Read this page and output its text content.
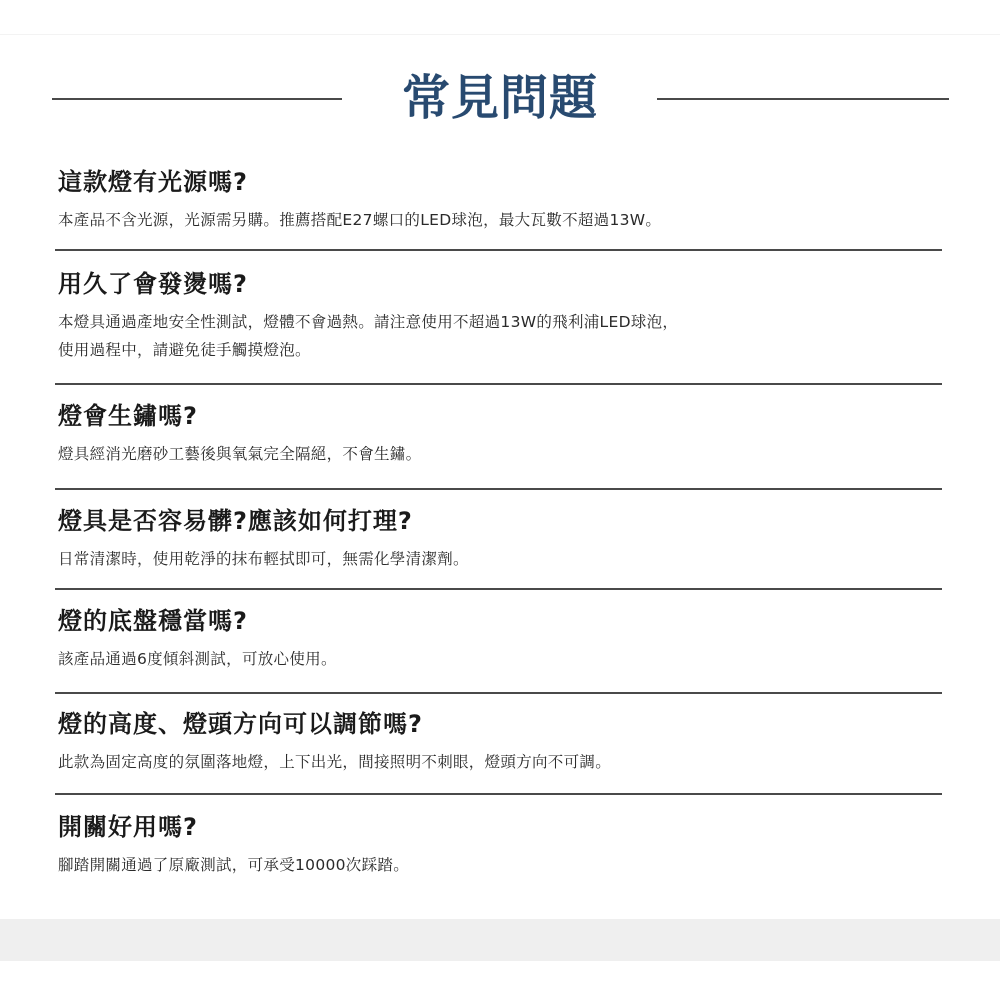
常見問題
這款燈有光源嗎?
本產品不含光源，光源需另購。推薦搭配E27螺口的LED球泡，最大瓦數不超過13W。
用久了會發燙嗎?
本燈具通過產地安全性測試，燈體不會過熱。請注意使用不超過13W的飛利浦LED球泡，
使用過程中，請避免徒手觸摸燈泡。
燈會生鏽嗎?
燈具經消光磨砂工藝後與氧氣完全隔絕，不會生鏽。
燈具是否容易髒?應該如何打理?
日常清潔時，使用乾淨的抹布輕拭即可，無需化學清潔劑。
燈的底盤穩當嗎?
該產品通過6度傾斜測試，可放心使用。
燈的高度、燈頭方向可以調節嗎?
此款為固定高度的氛圍落地燈，上下出光，間接照明不刺眼，燈頭方向不可調。
開關好用嗎?
腳踏開關通過了原廠測試，可承受10000次踩踏。
